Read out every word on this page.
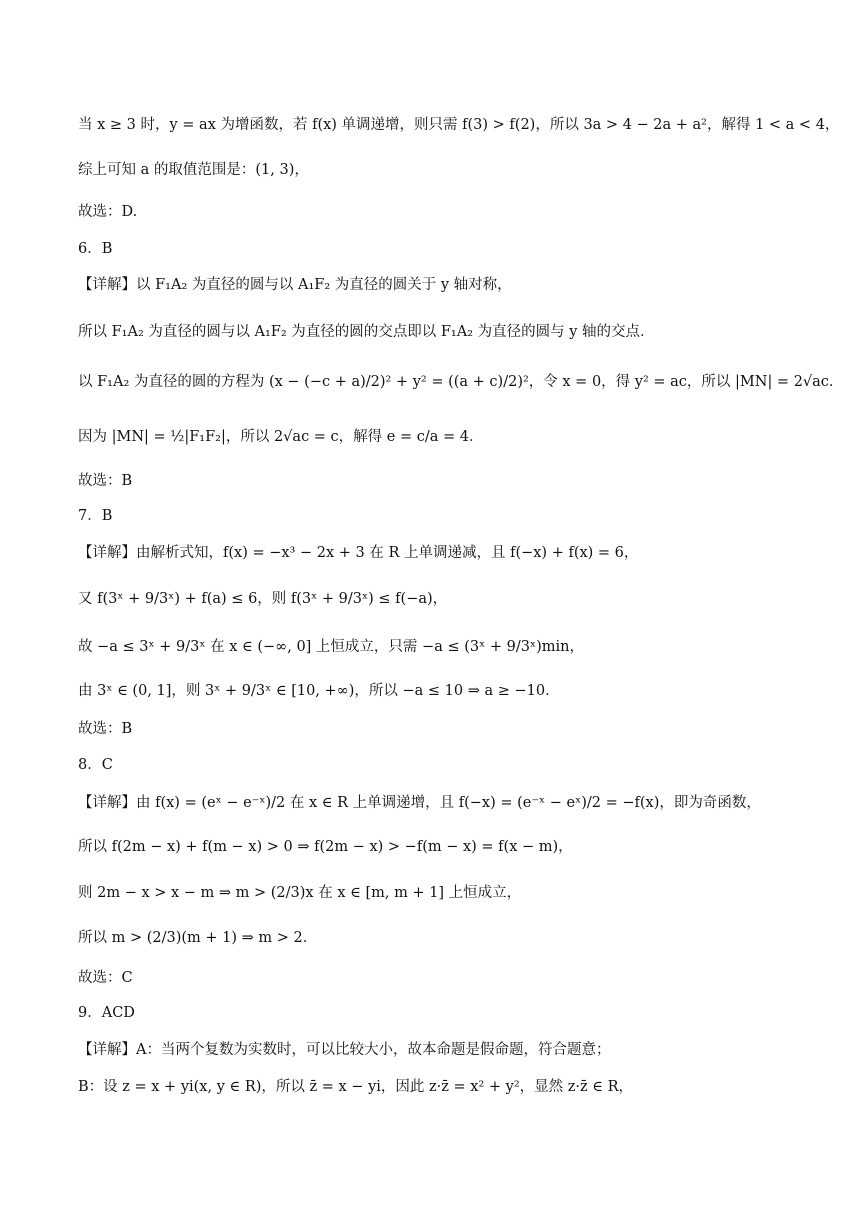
当 x ≥ 3 时，y = ax 为增函数，若 f(x) 单调递增，则只需 f(3) > f(2)，所以 3a > 4 − 2a + a²，解得 1 < a < 4，
综上可知 a 的取值范围是：(1, 3)，
故选：D.
6．B
【详解】以 F₁A₂ 为直径的圆与以 A₁F₂ 为直径的圆关于 y 轴对称，
所以 F₁A₂ 为直径的圆与以 A₁F₂ 为直径的圆的交点即以 F₁A₂ 为直径的圆与 y 轴的交点．
以 F₁A₂ 为直径的圆的方程为 (x − (−c + a)/2)² + y² = ((a + c)/2)²，令 x = 0，得 y² = ac，所以 |MN| = 2√ac．
因为 |MN| = ½|F₁F₂|，所以 2√ac = c，解得 e = c/a = 4．
故选：B
7．B
【详解】由解析式知，f(x) = −x³ − 2x + 3 在 R 上单调递减，且 f(−x) + f(x) = 6，
又 f(3ˣ + 9/3ˣ) + f(a) ≤ 6，则 f(3ˣ + 9/3ˣ) ≤ f(−a)，
故 −a ≤ 3ˣ + 9/3ˣ 在 x ∈ (−∞, 0] 上恒成立，只需 −a ≤ (3ˣ + 9/3ˣ)min，
由 3ˣ ∈ (0, 1]，则 3ˣ + 9/3ˣ ∈ [10, +∞)，所以 −a ≤ 10 ⇒ a ≥ −10．
故选：B
8．C
【详解】由 f(x) = (eˣ − e⁻ˣ)/2 在 x ∈ R 上单调递增，且 f(−x) = (e⁻ˣ − eˣ)/2 = −f(x)，即为奇函数，
所以 f(2m − x) + f(m − x) > 0 ⇒ f(2m − x) > −f(m − x) = f(x − m)，
则 2m − x > x − m ⇒ m > (2/3)x 在 x ∈ [m, m + 1] 上恒成立，
所以 m > (2/3)(m + 1) ⇒ m > 2．
故选：C
9．ACD
【详解】A：当两个复数为实数时，可以比较大小，故本命题是假命题，符合题意；
B：设 z = x + yi(x, y ∈ R)，所以 z̄ = x − yi，因此 z·z̄ = x² + y²，显然 z·z̄ ∈ R，
